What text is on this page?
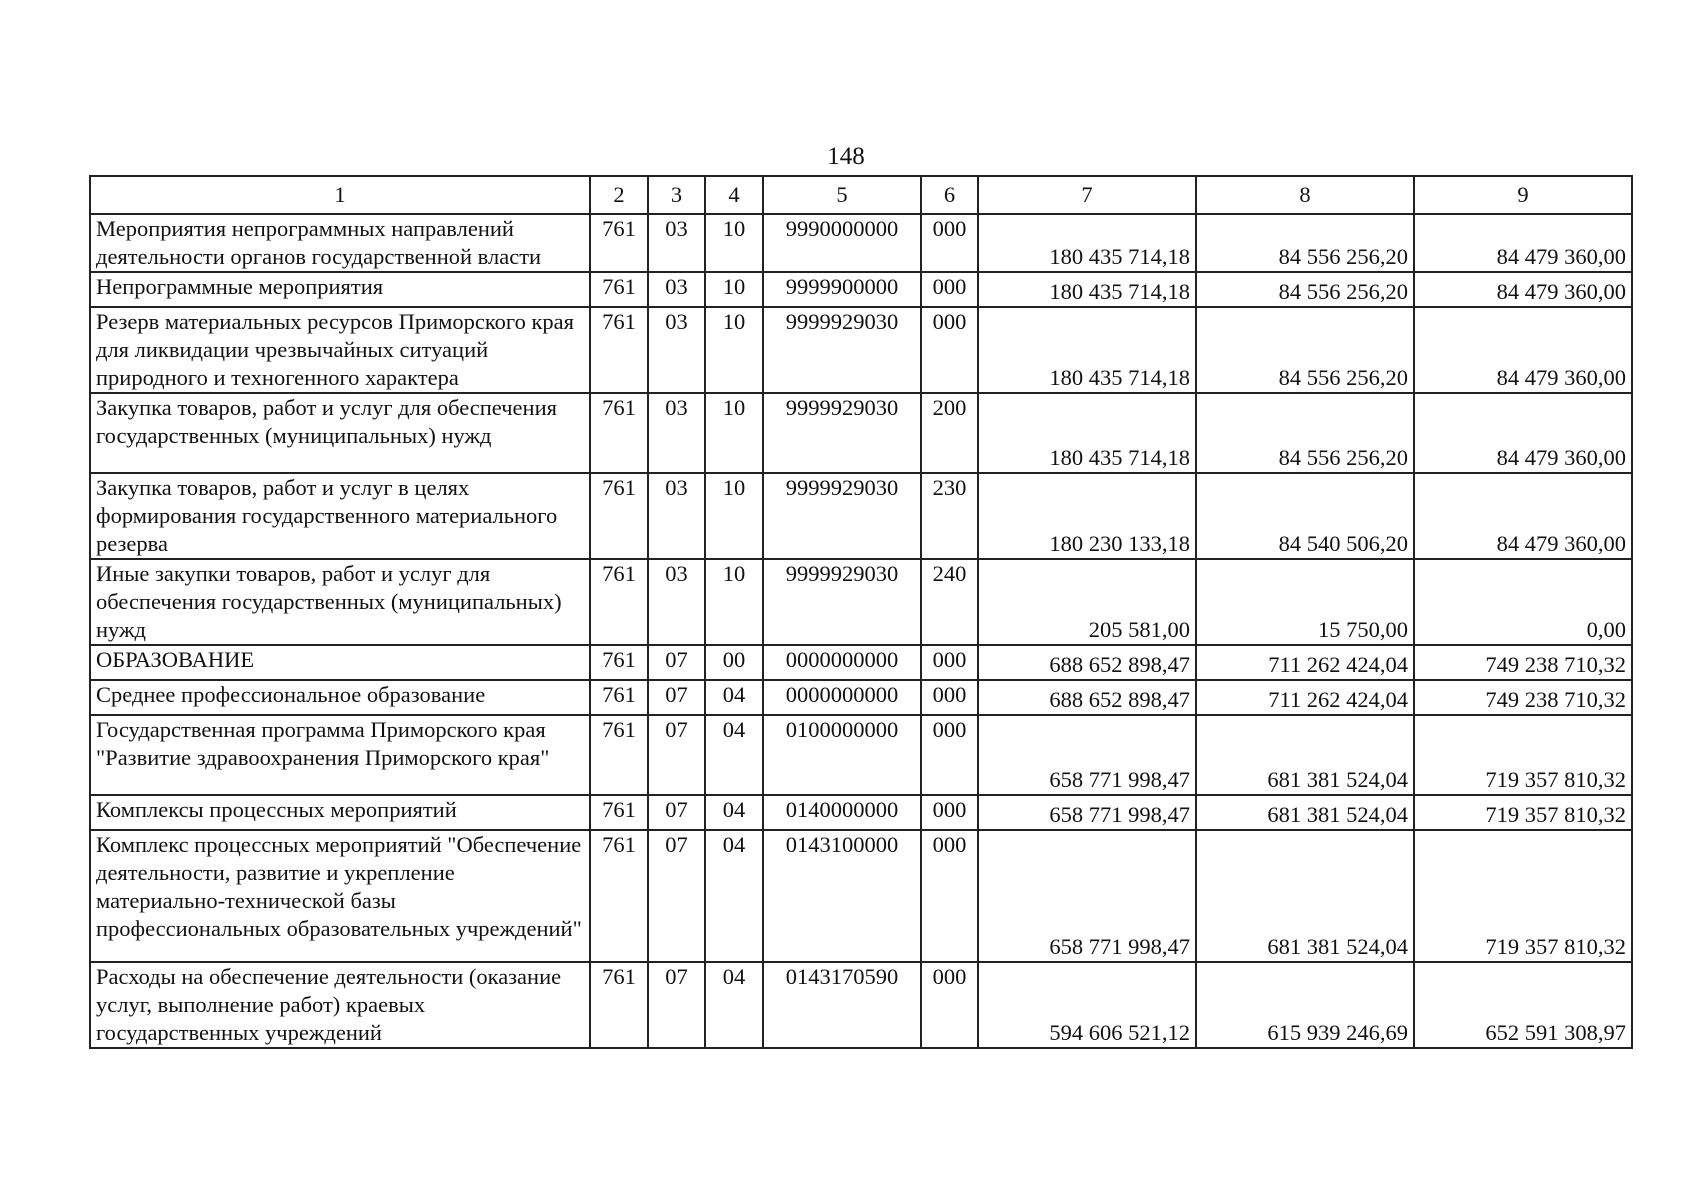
148
1	2	3	4	5	6	7	8	9
Мероприятия непрограммных направлений деятельности органов государственной власти	761	03	10	9990000000	000	180 435 714,18	84 556 256,20	84 479 360,00
Непрограммные мероприятия	761	03	10	9999900000	000	180 435 714,18	84 556 256,20	84 479 360,00
Резерв материальных ресурсов Приморского края для ликвидации чрезвычайных ситуаций природного и техногенного характера	761	03	10	9999929030	000	180 435 714,18	84 556 256,20	84 479 360,00
Закупка товаров, работ и услуг для обеспечения государственных (муниципальных) нужд	761	03	10	9999929030	200	180 435 714,18	84 556 256,20	84 479 360,00
Закупка товаров, работ и услуг в целях формирования государственного материального резерва	761	03	10	9999929030	230	180 230 133,18	84 540 506,20	84 479 360,00
Иные закупки товаров, работ и услуг для обеспечения государственных (муниципальных) нужд	761	03	10	9999929030	240	205 581,00	15 750,00	0,00
ОБРАЗОВАНИЕ	761	07	00	0000000000	000	688 652 898,47	711 262 424,04	749 238 710,32
Среднее профессиональное образование	761	07	04	0000000000	000	688 652 898,47	711 262 424,04	749 238 710,32
Государственная программа Приморского края "Развитие здравоохранения Приморского края"	761	07	04	0100000000	000	658 771 998,47	681 381 524,04	719 357 810,32
Комплексы процессных мероприятий	761	07	04	0140000000	000	658 771 998,47	681 381 524,04	719 357 810,32
Комплекс процессных мероприятий "Обеспечение деятельности, развитие и укрепление материально-технической базы профессиональных образовательных учреждений"	761	07	04	0143100000	000	658 771 998,47	681 381 524,04	719 357 810,32
Расходы на обеспечение деятельности (оказание услуг, выполнение работ) краевых государственных учреждений	761	07	04	0143170590	000	594 606 521,12	615 939 246,69	652 591 308,97
